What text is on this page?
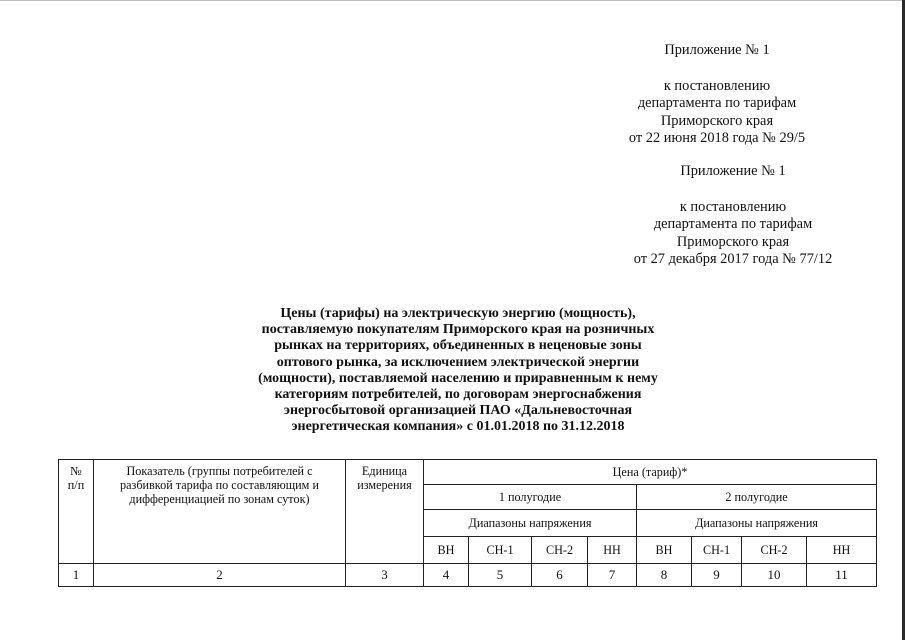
Приложение № 1
к постановлению
департамента по тарифам
Приморского края
от 22 июня 2018 года № 29/5
Приложение № 1
к постановлению
департамента по тарифам
Приморского края
от 27 декабря 2017 года № 77/12
Цены (тарифы) на электрическую энергию (мощность),
поставляемую покупателям Приморского края на розничных
рынках на территориях, объединенных в неценовые зоны
оптового рынка, за исключением электрической энергии
(мощности), поставляемой населению и приравненным к нему
категориям потребителей, по договорам энергоснабжения
энергосбытовой организацией ПАО «Дальневосточная
энергетическая компания» с 01.01.2018 по 31.12.2018
№
п/п	Показатель (группы потребителей с разбивкой тарифа по составляющим и дифференциацией по зонам суток)	Единица измерения	Цена (тариф)*							
			1 полугодие				2 полугодие			
			Диапазоны напряжения				Диапазоны напряжения			
			ВН	СН-1	СН-2	НН	ВН	СН-1	СН-2	НН
1	2	3	4	5	6	7	8	9	10	11
